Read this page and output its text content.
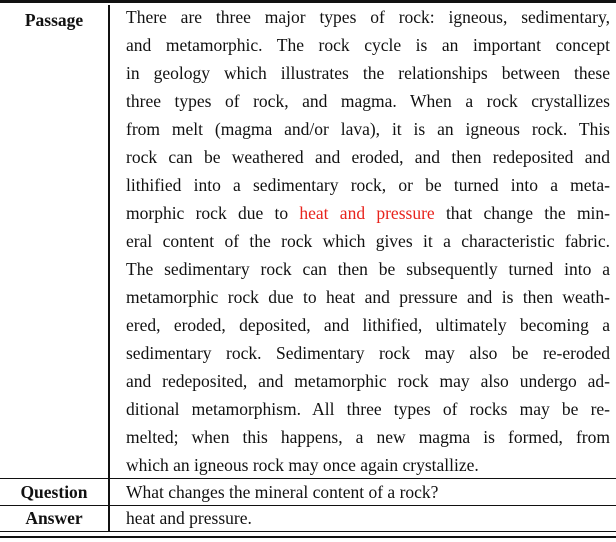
Passage	There are three major types of rock: igneous, sedimentary,
and metamorphic. The rock cycle is an important concept
in geology which illustrates the relationships between these
three types of rock, and magma. When a rock crystallizes
from melt (magma and/or lava), it is an igneous rock. This
rock can be weathered and eroded, and then redeposited and
lithified into a sedimentary rock, or be turned into a meta-
morphic rock due to heat and pressure that change the min-
eral content of the rock which gives it a characteristic fabric.
The sedimentary rock can then be subsequently turned into a
metamorphic rock due to heat and pressure and is then weath-
ered, eroded, deposited, and lithified, ultimately becoming a
sedimentary rock. Sedimentary rock may also be re-eroded
and redeposited, and metamorphic rock may also undergo ad-
ditional metamorphism. All three types of rocks may be re-
melted; when this happens, a new magma is formed, from
which an igneous rock may once again crystallize.
Question	What changes the mineral content of a rock?
Answer	heat and pressure.
